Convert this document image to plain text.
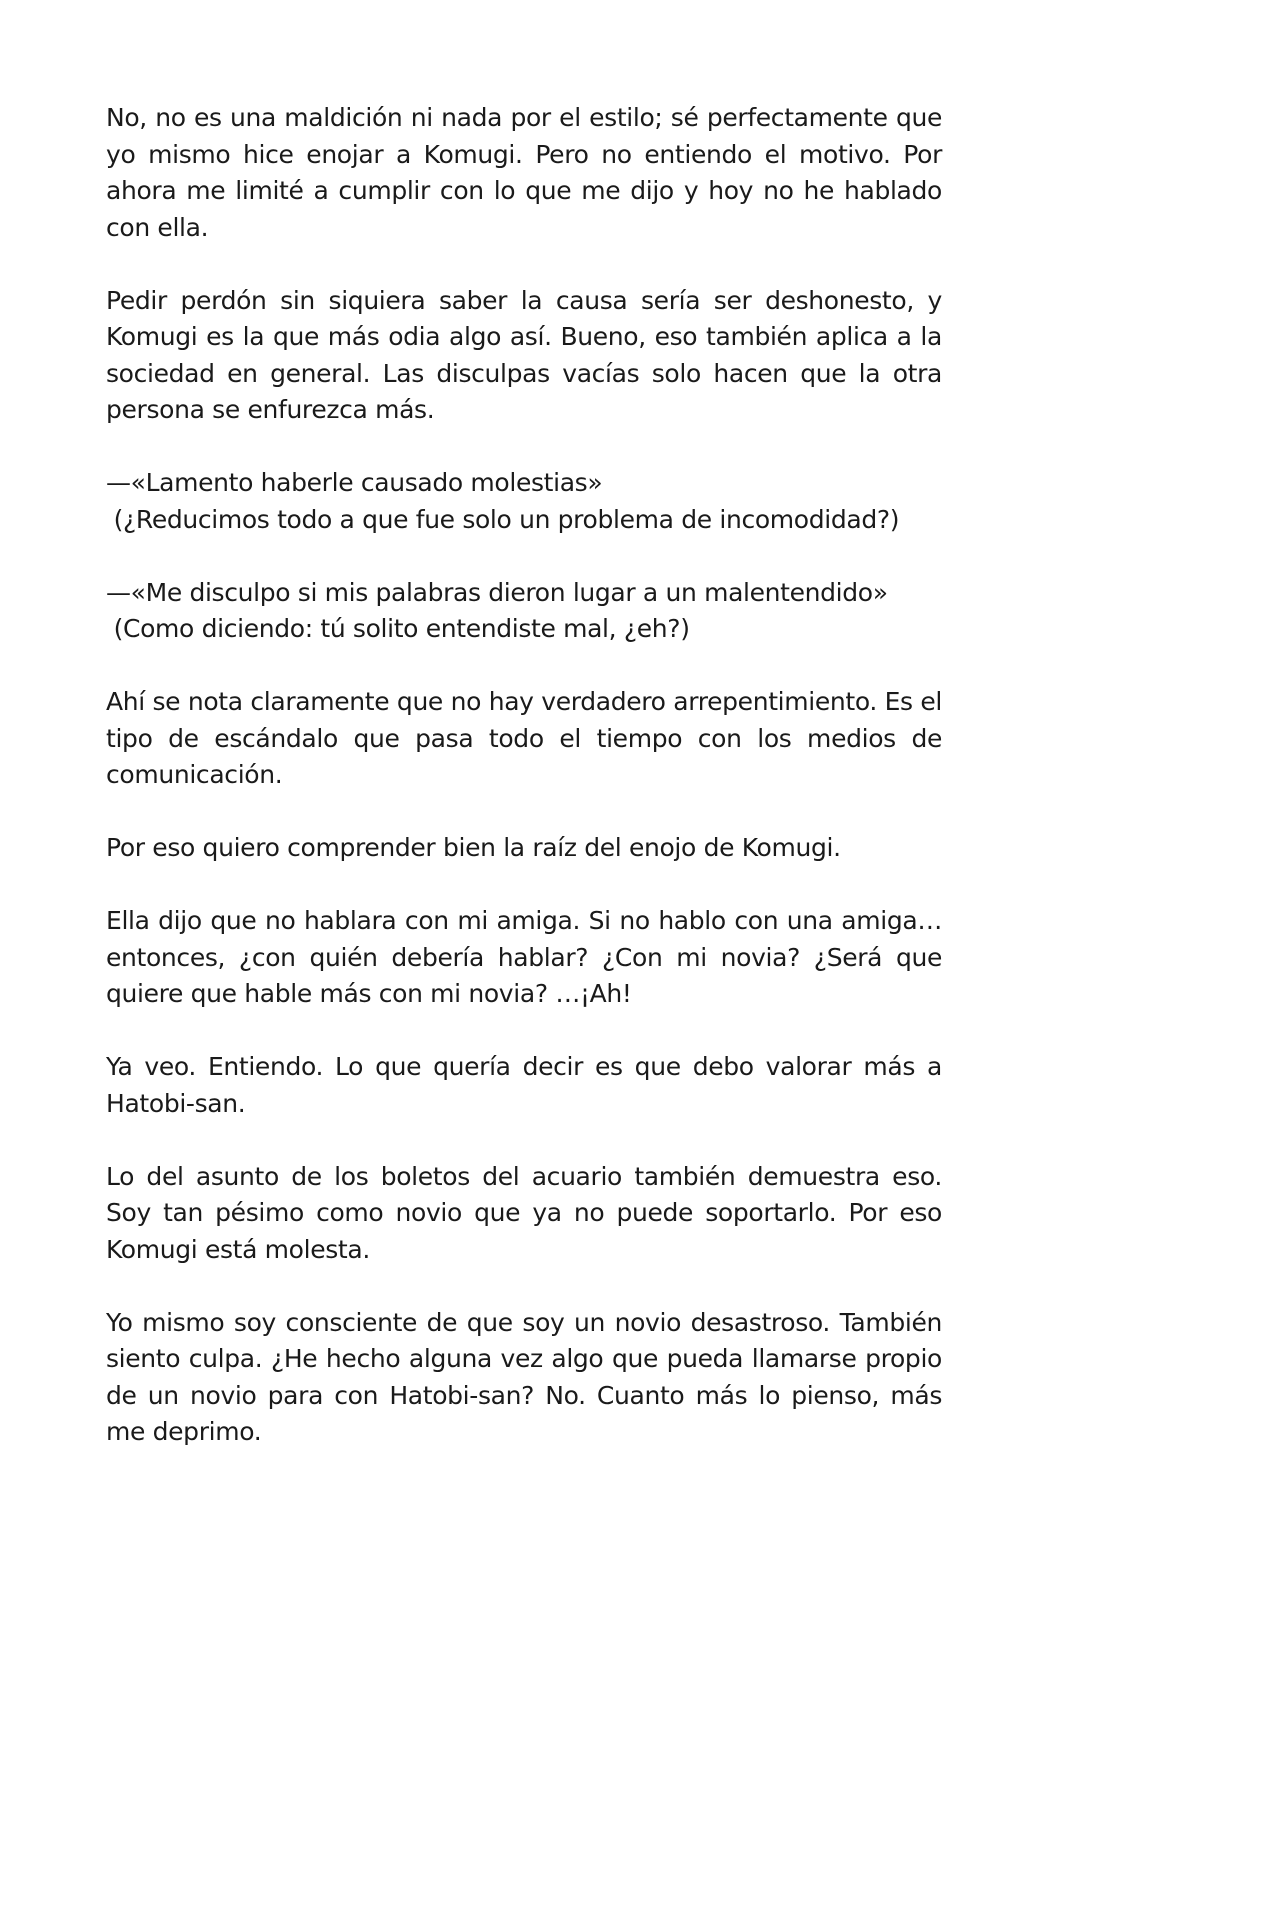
No, no es una maldición ni nada por el estilo; sé perfectamente que yo mismo hice enojar a Komugi. Pero no entiendo el motivo. Por ahora me limité a cumplir con lo que me dijo y hoy no he hablado con ella.

Pedir perdón sin siquiera saber la causa sería ser deshonesto, y Komugi es la que más odia algo así. Bueno, eso también aplica a la sociedad en general. Las disculpas vacías solo hacen que la otra persona se enfurezca más.

—«Lamento haberle causado molestias»
(¿Reducimos todo a que fue solo un problema de incomodidad?)
—«Me disculpo si mis palabras dieron lugar a un malentendido»
(Como diciendo: tú solito entendiste mal, ¿eh?)

Ahí se nota claramente que no hay verdadero arrepentimiento. Es el tipo de escándalo que pasa todo el tiempo con los medios de comunicación.

Por eso quiero comprender bien la raíz del enojo de Komugi.

Ella dijo que no hablara con mi amiga. Si no hablo con una amiga… entonces, ¿con quién debería hablar? ¿Con mi novia? ¿Será que quiere que hable más con mi novia? …¡Ah!

Ya veo. Entiendo. Lo que quería decir es que debo valorar más a Hatobi-san.

Lo del asunto de los boletos del acuario también demuestra eso. Soy tan pésimo como novio que ya no puede soportarlo. Por eso Komugi está molesta.

Yo mismo soy consciente de que soy un novio desastroso. También siento culpa. ¿He hecho alguna vez algo que pueda llamarse propio de un novio para con Hatobi-san? No. Cuanto más lo pienso, más me deprimo.
